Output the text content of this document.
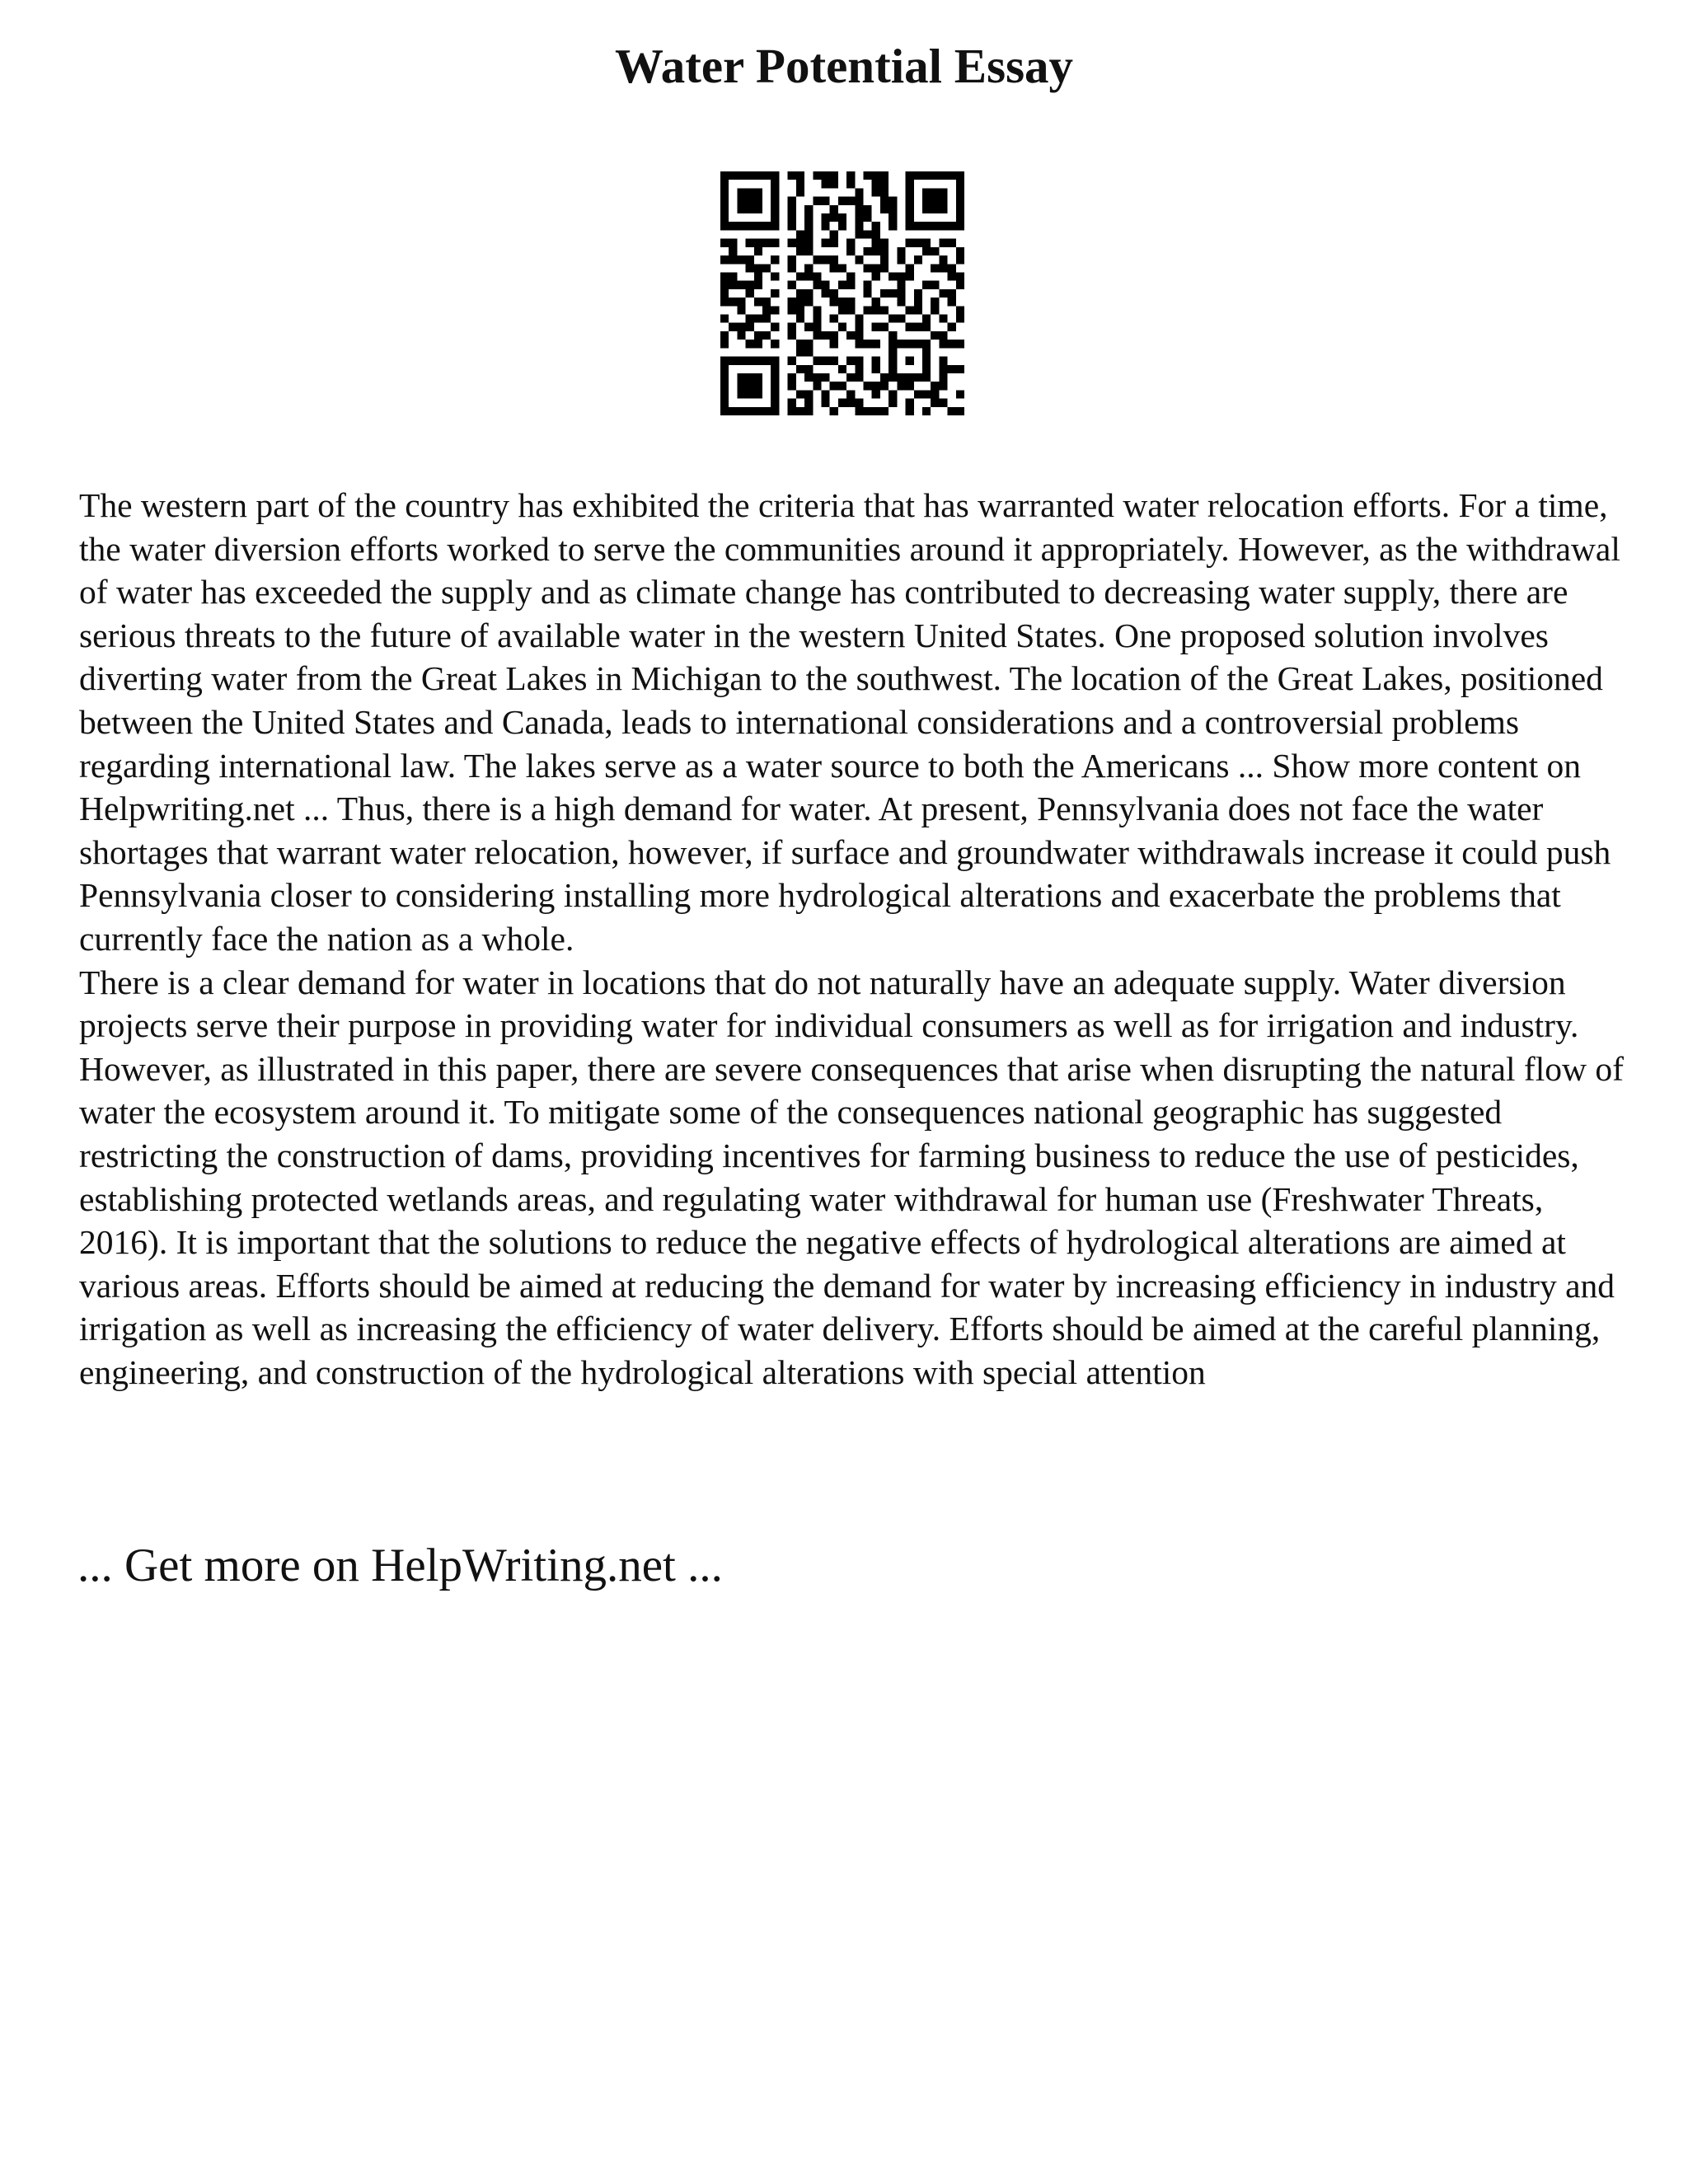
Water Potential Essay

The western part of the country has exhibited the criteria that has warranted water relocation efforts. For a time, the water diversion efforts worked to serve the communities around it appropriately. However, as the withdrawal of water has exceeded the supply and as climate change has contributed to decreasing water supply, there are serious threats to the future of available water in the western United States. One proposed solution involves diverting water from the Great Lakes in Michigan to the southwest. The location of the Great Lakes, positioned between the United States and Canada, leads to international considerations and a controversial problems regarding international law. The lakes serve as a water source to both the Americans ... Show more content on Helpwriting.net ... Thus, there is a high demand for water. At present, Pennsylvania does not face the water shortages that warrant water relocation, however, if surface and groundwater withdrawals increase it could push Pennsylvania closer to considering installing more hydrological alterations and exacerbate the problems that currently face the nation as a whole.

There is a clear demand for water in locations that do not naturally have an adequate supply. Water diversion projects serve their purpose in providing water for individual consumers as well as for irrigation and industry. However, as illustrated in this paper, there are severe consequences that arise when disrupting the natural flow of water the ecosystem around it. To mitigate some of the consequences national geographic has suggested restricting the construction of dams, providing incentives for farming business to reduce the use of pesticides, establishing protected wetlands areas, and regulating water withdrawal for human use (Freshwater Threats, 2016). It is important that the solutions to reduce the negative effects of hydrological alterations are aimed at various areas. Efforts should be aimed at reducing the demand for water by increasing efficiency in industry and irrigation as well as increasing the efficiency of water delivery. Efforts should be aimed at the careful planning, engineering, and construction of the hydrological alterations with special attention

... Get more on HelpWriting.net ...
